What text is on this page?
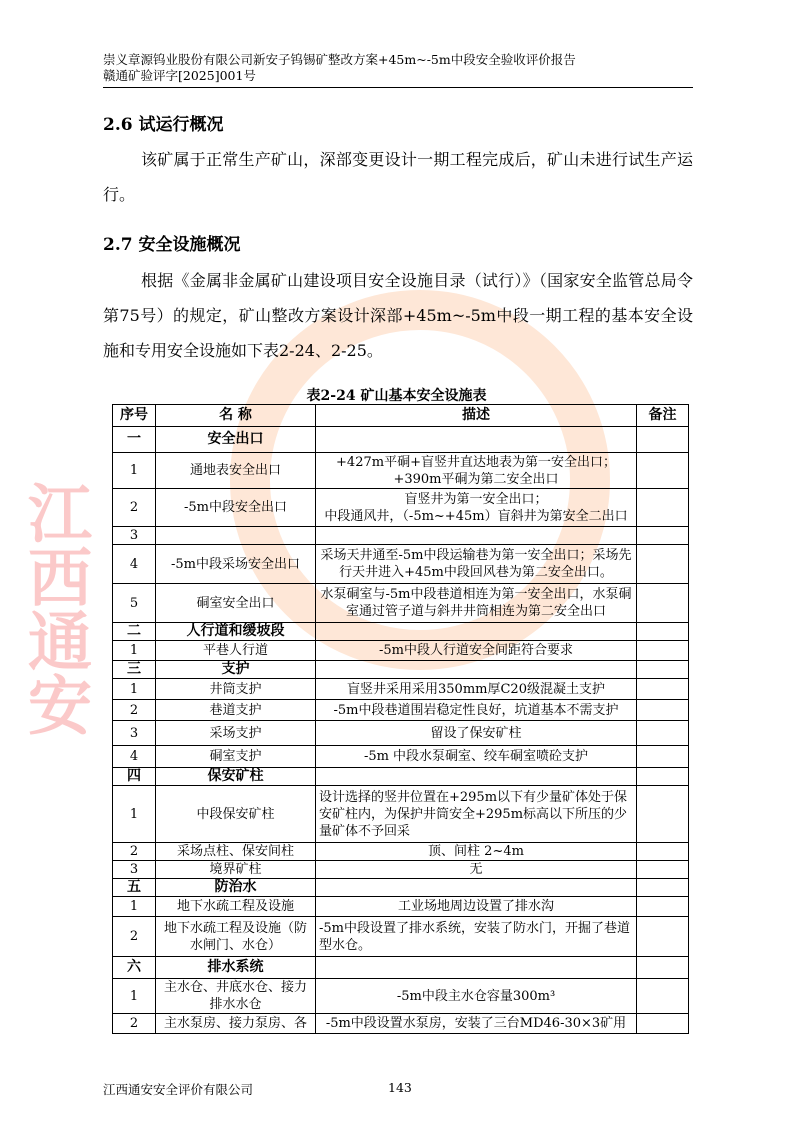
崇义章源钨业股份有限公司新安子钨锡矿整改方案+45m~-5m中段安全验收评价报告
赣通矿验评字[2025]001号
江西通安
2.6 试运行概况
该矿属于正常生产矿山，深部变更设计一期工程完成后，矿山未进行试生产运行。
2.7 安全设施概况
根据《金属非金属矿山建设项目安全设施目录（试行）》（国家安全监管总局令第75号）的规定，矿山整改方案设计深部+45m~-5m中段一期工程的基本安全设施和专用安全设施如下表2-24、2-25。
表2-24 矿山基本安全设施表
序号	名 称	描述	备注
一	安全出口		
1	通地表安全出口	+427m平硐+盲竖井直达地表为第一安全出口；
+390m平硐为第二安全出口	
2	-5m中段安全出口	盲竖井为第一安全出口；
中段通风井，（-5m~+45m）盲斜井为第安全二出口	
3			
4	-5m中段采场安全出口	采场天井通至-5m中段运输巷为第一安全出口；采场先行天井进入+45m中段回风巷为第二安全出口。	
5	硐室安全出口	水泵硐室与-5m中段巷道相连为第一安全出口，水泵硐室通过管子道与斜井井筒相连为第二安全出口	
二	人行道和缓坡段		
1	平巷人行道	-5m中段人行道安全间距符合要求	
三	支护		
1	井筒支护	盲竖井采用采用350mm厚C20级混凝土支护	
2	巷道支护	-5m中段巷道围岩稳定性良好，坑道基本不需支护	
3	采场支护	留设了保安矿柱	
4	硐室支护	-5m 中段水泵硐室、绞车硐室喷砼支护	
四	保安矿柱		
1	中段保安矿柱	设计选择的竖井位置在+295m以下有少量矿体处于保安矿柱内，为保护井筒安全+295m标高以下所压的少量矿体不予回采	
2	采场点柱、保安间柱	顶、间柱 2~4m	
3	境界矿柱	无	
五	防治水		
1	地下水疏工程及设施	工业场地周边设置了排水沟	
2	地下水疏工程及设施（防水闸门、水仓）	-5m中段设置了排水系统，安装了防水门，开掘了巷道型水仓。	
六	排水系统		
1	主水仓、井底水仓、接力排水水仓	-5m中段主水仓容量300m³	
2	主水泵房、接力泵房、各	-5m中段设置水泵房，安装了三台MD46-30×3矿用	
江西通安安全评价有限公司	143
